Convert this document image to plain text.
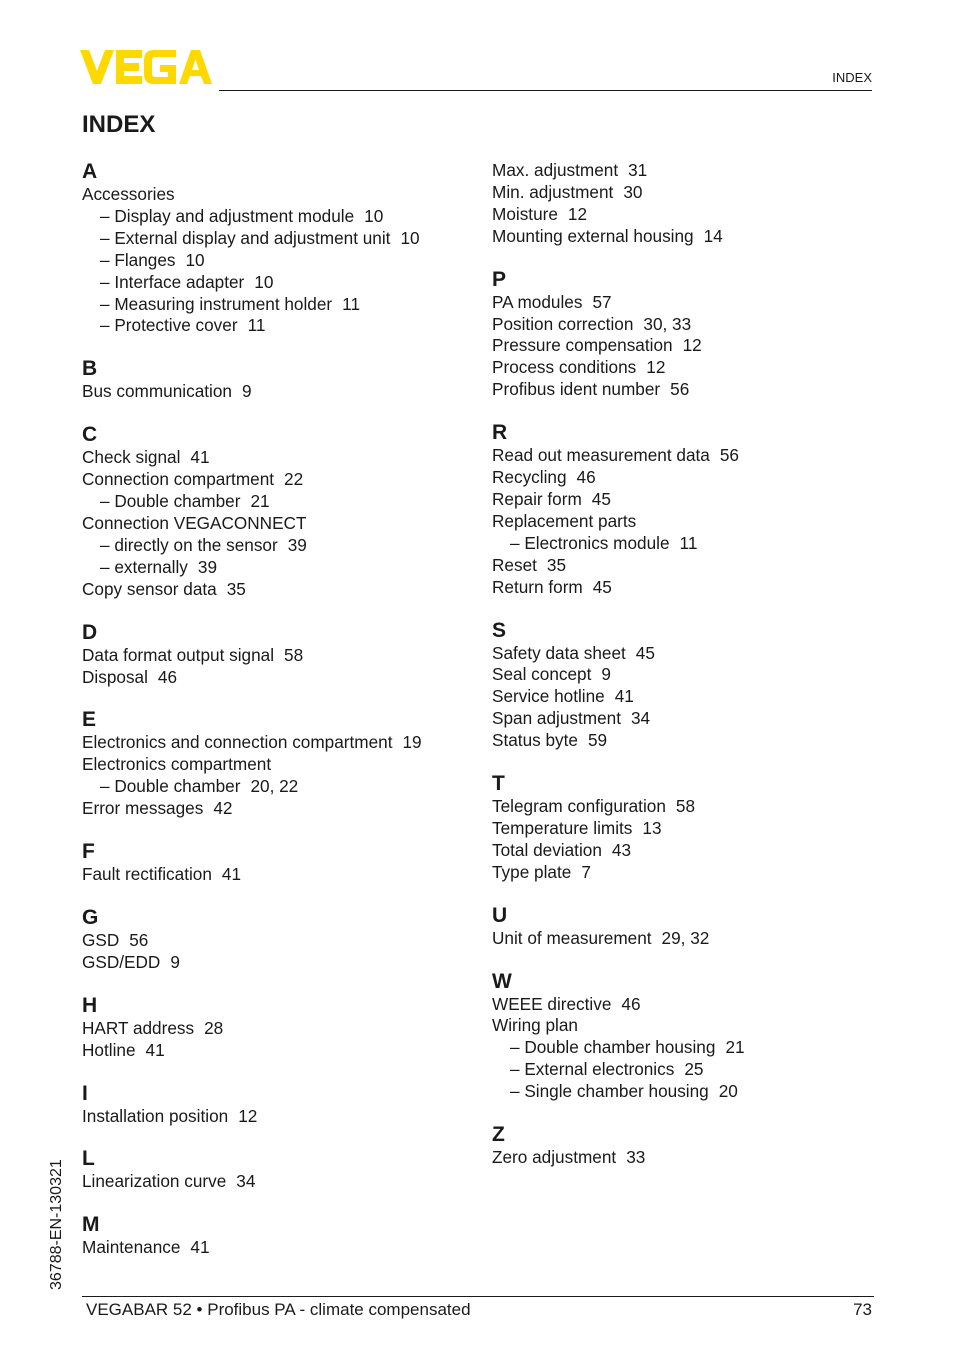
INDEX
INDEX
A
Accessories
– Display and adjustment module 10
– External display and adjustment unit 10
– Flanges 10
– Interface adapter 10
– Measuring instrument holder 11
– Protective cover 11
B
Bus communication 9
C
Check signal 41
Connection compartment 22
– Double chamber 21
Connection VEGACONNECT
– directly on the sensor 39
– externally 39
Copy sensor data 35
D
Data format output signal 58
Disposal 46
E
Electronics and connection compartment 19
Electronics compartment
– Double chamber 20, 22
Error messages 42
F
Fault rectification 41
G
GSD 56
GSD/EDD 9
H
HART address 28
Hotline 41
I
Installation position 12
L
Linearization curve 34
M
Maintenance 41
Max. adjustment 31
Min. adjustment 30
Moisture 12
Mounting external housing 14
P
PA modules 57
Position correction 30, 33
Pressure compensation 12
Process conditions 12
Profibus ident number 56
R
Read out measurement data 56
Recycling 46
Repair form 45
Replacement parts
– Electronics module 11
Reset 35
Return form 45
S
Safety data sheet 45
Seal concept 9
Service hotline 41
Span adjustment 34
Status byte 59
T
Telegram configuration 58
Temperature limits 13
Total deviation 43
Type plate 7
U
Unit of measurement 29, 32
W
WEEE directive 46
Wiring plan
– Double chamber housing 21
– External electronics 25
– Single chamber housing 20
Z
Zero adjustment 33
36788-EN-130321
VEGABAR 52 • Profibus PA - climate compensated	73
